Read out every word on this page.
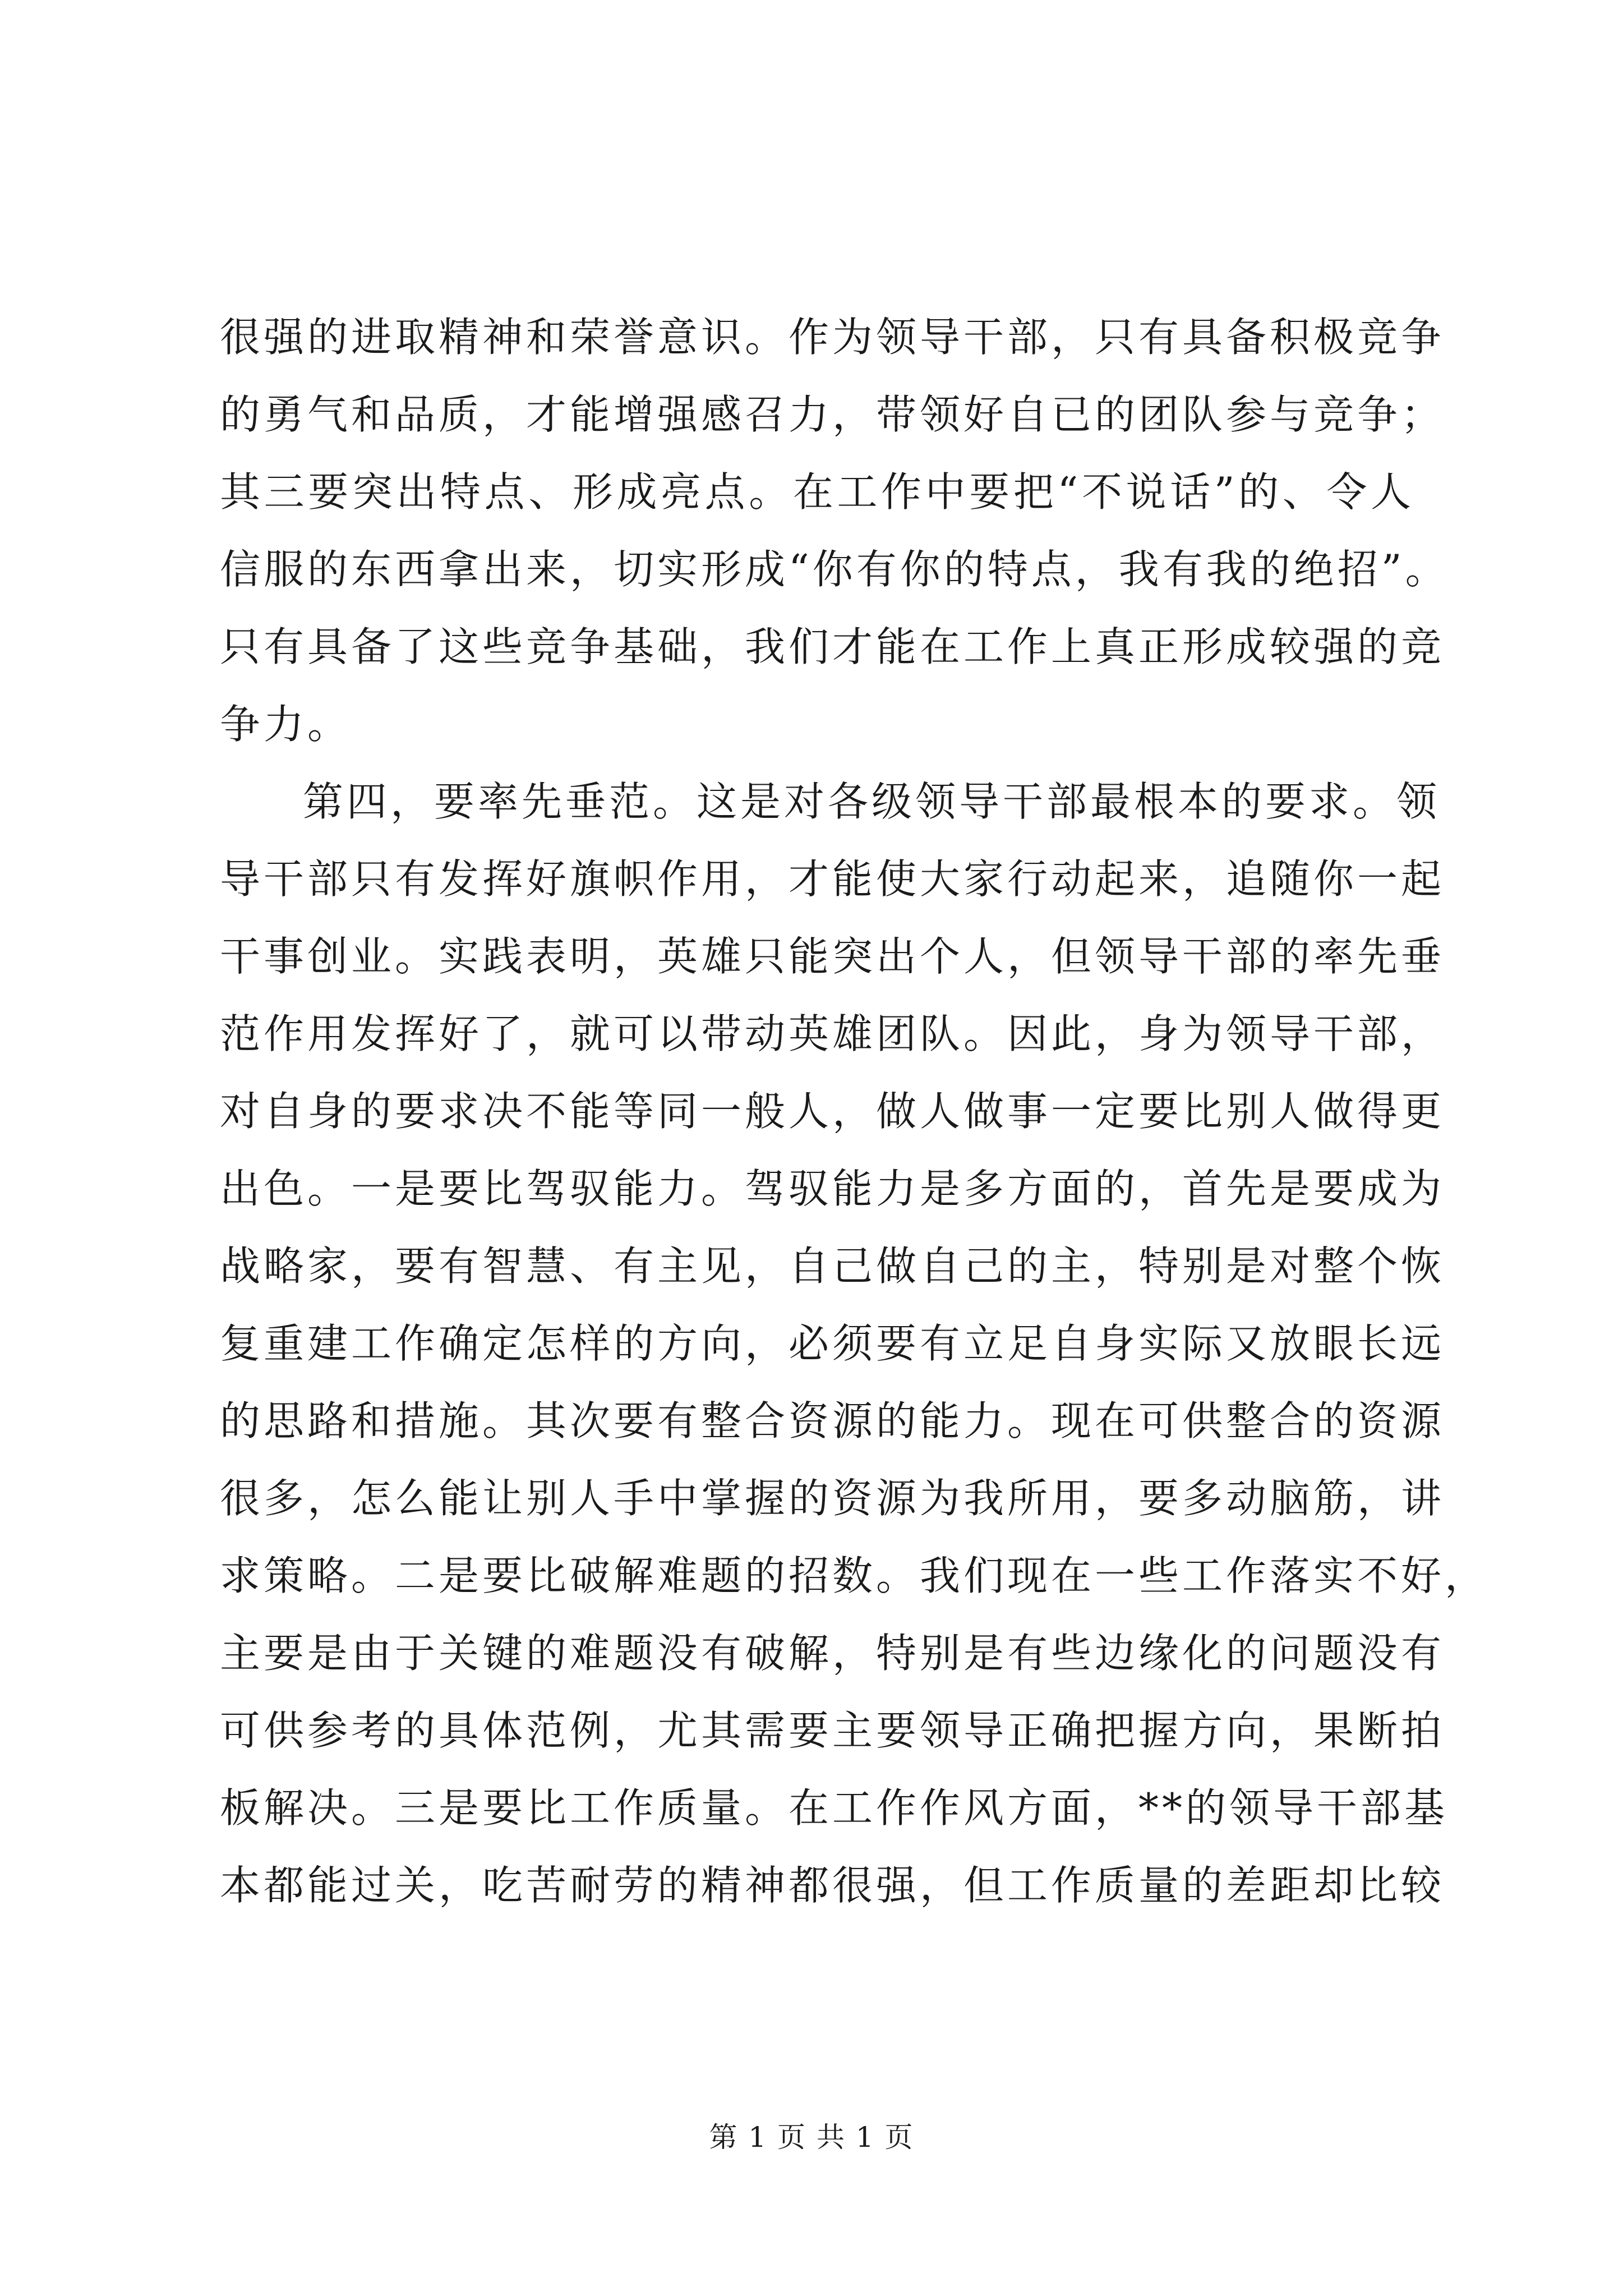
很强的进取精神和荣誉意识。作为领导干部，只有具备积极竞争
的勇气和品质，才能增强感召力，带领好自已的团队参与竞争；
其三要突出特点、形成亮点。在工作中要把“不说话”的、令人
信服的东西拿出来，切实形成“你有你的特点，我有我的绝招”。
只有具备了这些竞争基础，我们才能在工作上真正形成较强的竞
争力。
第四，要率先垂范。这是对各级领导干部最根本的要求。领
导干部只有发挥好旗帜作用，才能使大家行动起来，追随你一起
干事创业。实践表明，英雄只能突出个人，但领导干部的率先垂
范作用发挥好了，就可以带动英雄团队。因此，身为领导干部，
对自身的要求决不能等同一般人，做人做事一定要比别人做得更
出色。一是要比驾驭能力。驾驭能力是多方面的，首先是要成为
战略家，要有智慧、有主见，自己做自己的主，特别是对整个恢
复重建工作确定怎样的方向，必须要有立足自身实际又放眼长远
的思路和措施。其次要有整合资源的能力。现在可供整合的资源
很多，怎么能让别人手中掌握的资源为我所用，要多动脑筋，讲
求策略。二是要比破解难题的招数。我们现在一些工作落实不好，
主要是由于关键的难题没有破解，特别是有些边缘化的问题没有
可供参考的具体范例，尤其需要主要领导正确把握方向，果断拍
板解决。三是要比工作质量。在工作作风方面，**的领导干部基
本都能过关，吃苦耐劳的精神都很强，但工作质量的差距却比较
第 1 页 共 1 页
